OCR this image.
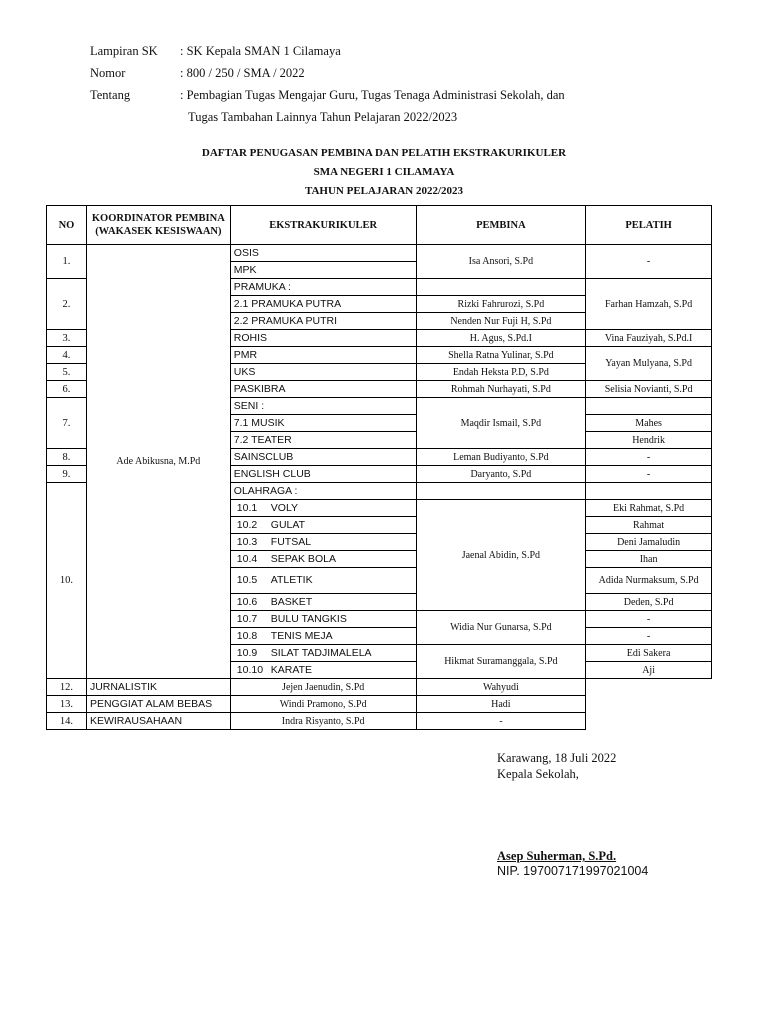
Lampiran SK	: SK Kepala SMAN 1 Cilamaya
Nomor	: 800 / 250 / SMA / 2022
Tentang	: Pembagian Tugas Mengajar Guru, Tugas Tenaga Administrasi Sekolah, dan
Tugas Tambahan Lainnya Tahun Pelajaran 2022/2023
DAFTAR PENUGASAN PEMBINA DAN PELATIH EKSTRAKURIKULER
SMA NEGERI 1 CILAMAYA
TAHUN PELAJARAN 2022/2023
NO	KOORDINATOR PEMBINA (WAKASEK KESISWAAN)	EKSTRAKURIKULER	PEMBINA	PELATIH
1.	Ade Abikusna, M.Pd	OSIS	Isa Ansori, S.Pd	-
		MPK		
2.		PRAMUKA :		Farhan Hamzah, S.Pd
		2.1 PRAMUKA PUTRA	Rizki Fahrurozi, S.Pd	
		2.2 PRAMUKA PUTRI	Nenden Nur Fuji H, S.Pd	
3.		ROHIS	H. Agus, S.Pd.I	Vina Fauziyah, S.Pd.I
4.		PMR	Shella Ratna Yulinar, S.Pd	Yayan Mulyana, S.Pd
5.		UKS	Endah Heksta P.D, S.Pd	
6.		PASKIBRA	Rohmah Nurhayati, S.Pd	Selisia Novianti, S.Pd
7.		SENI :	Maqdir Ismail, S.Pd	
		7.1 MUSIK		Mahes
		7.2 TEATER		Hendrik
8.		SAINSCLUB	Leman Budiyanto, S.Pd	-
9.		ENGLISH CLUB	Daryanto, S.Pd	-
10.		OLAHRAGA :		
		10.1 VOLY	Jaenal Abidin, S.Pd	Eki Rahmat, S.Pd
		10.2 GULAT		Rahmat
		10.3 FUTSAL		Deni Jamaludin
		10.4 SEPAK BOLA		Ihan
		10.5 ATLETIK		Adida Nurmaksum, S.Pd
		10.6 BASKET		Deden, S.Pd
		10.7 BULU TANGKIS	Widia Nur Gunarsa, S.Pd	-
		10.8 TENIS MEJA		-
		10.9 SILAT TADJIMALELA	Hikmat Suramanggala, S.Pd	Edi Sakera
		10.10 KARATE		Aji
12.	JURNALISTIK	Jejen Jaenudin, S.Pd	Wahyudi	
13.	PENGGIAT ALAM BEBAS	Windi Pramono, S.Pd	Hadi	
14.	KEWIRAUSAHAAN	Indra Risyanto, S.Pd	-	
Karawang, 18 Juli 2022
Kepala Sekolah,
Asep Suherman, S.Pd.
NIP. 197007171997021004
